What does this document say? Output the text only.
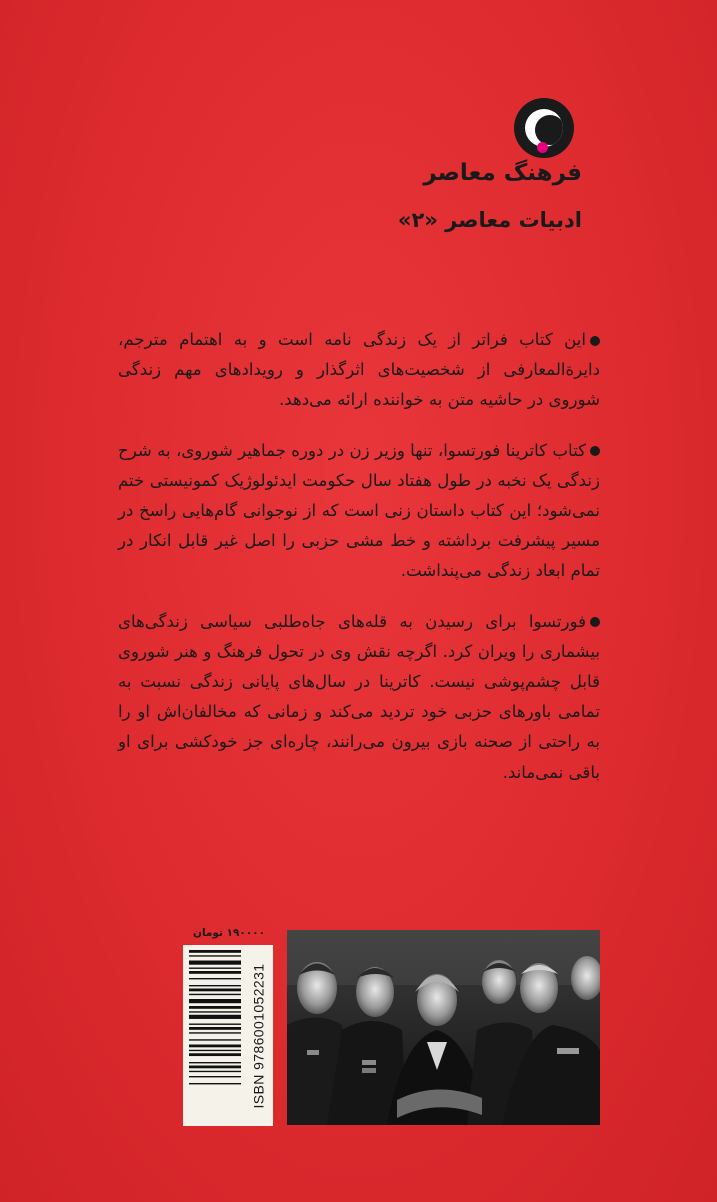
فرهنگ معاصر
ادبیات معاصر «۲»

این کتاب فراتر از یک زندگی نامه است و به اهتمام مترجم، دایرةالمعارفی از شخصیت‌های اثرگذار و رویدادهای مهم زندگی شوروی در حاشیه متن به خواننده ارائه می‌دهد.

کتاب کاترینا فورتسوا، تنها وزیر زن در دوره جماهیر شوروی، به شرح زندگی یک نخبه در طول هفتاد سال حکومت ایدئولوژیک کمونیستی ختم نمی‌شود؛ این کتاب داستان زنی است که از نوجوانی گام‌هایی راسخ در مسیر پیشرفت برداشته و خط مشی حزبی را اصل غیر قابل انکار در تمام ابعاد زندگی می‌پنداشت.

فورتسوا برای رسیدن به قله‌های جاه‌طلبی سیاسی زندگی‌های بیشماری را ویران کرد. اگرچه نقش وی در تحول فرهنگ و هنر شوروی قابل چشم‌پوشی نیست. کاترینا در سال‌های پایانی زندگی نسبت به تمامی باورهای حزبی خود تردید می‌کند و زمانی که مخالفان‌اش او را به راحتی از صحنه بازی بیرون می‌رانند، چاره‌ای جز خودکشی برای او باقی نمی‌ماند.

۱۹۰۰۰۰ تومان
ISBN 9786001052231
